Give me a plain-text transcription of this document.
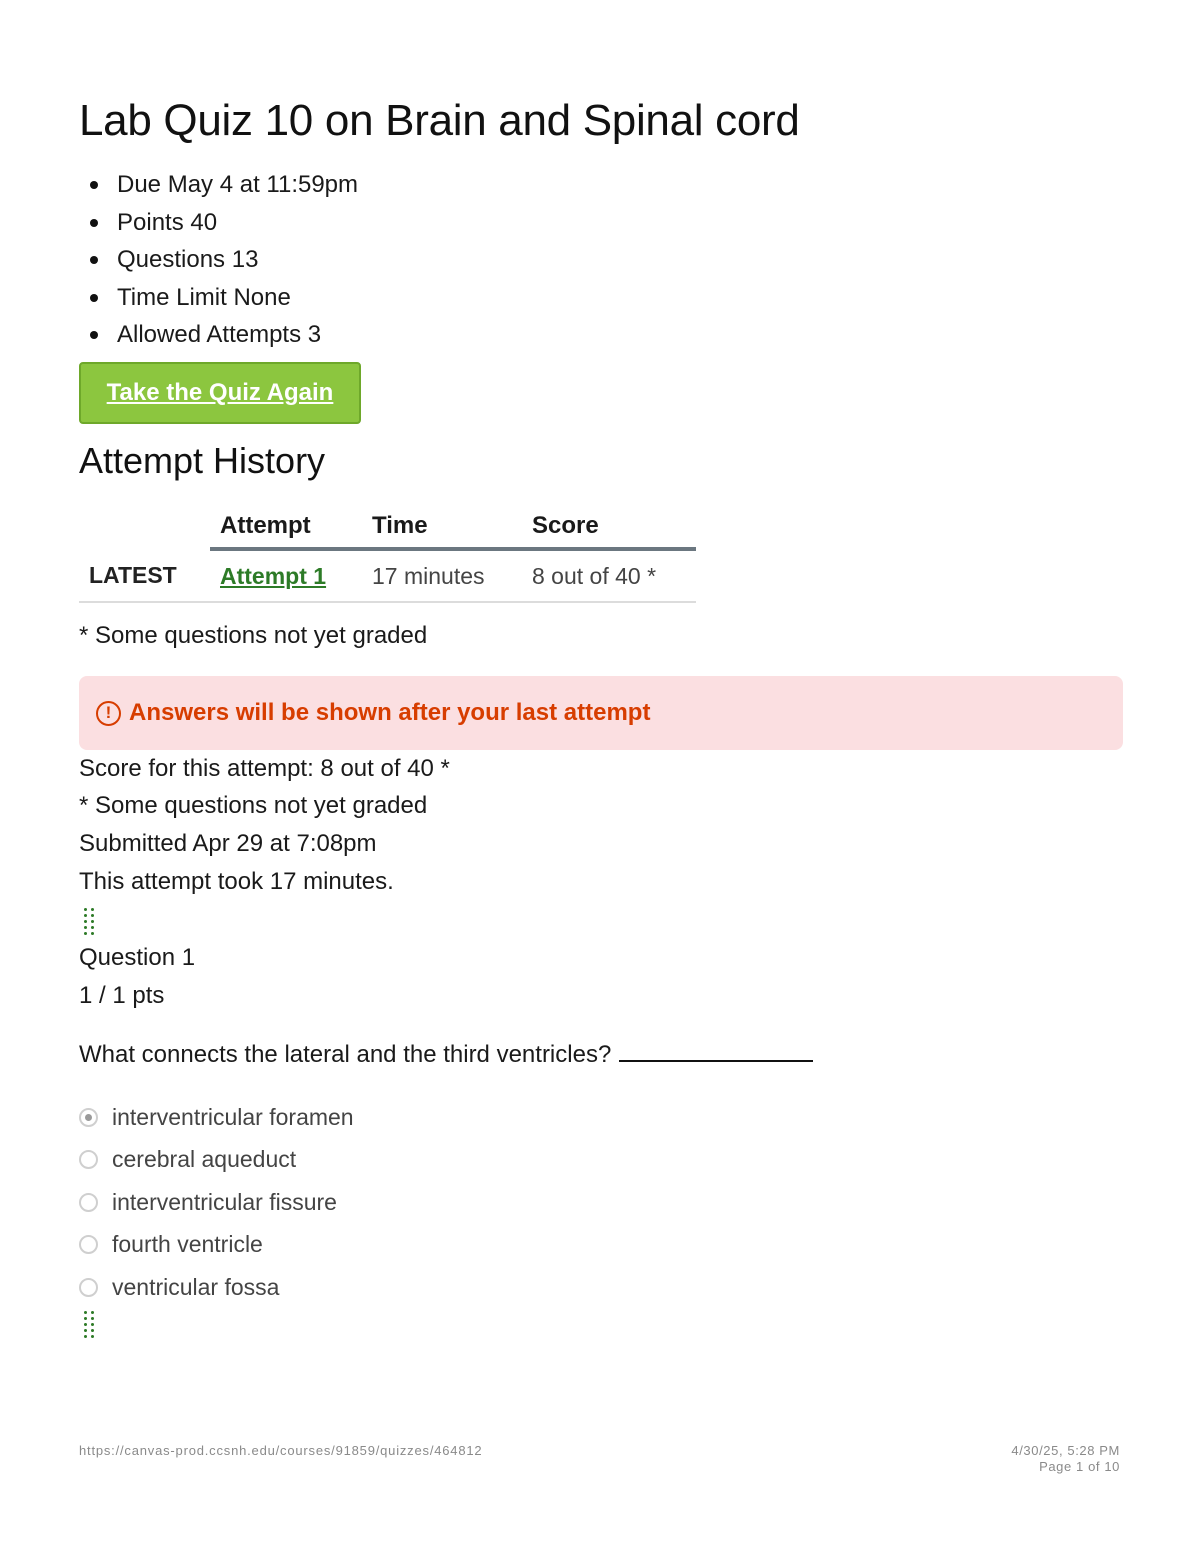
Lab Quiz 10 on Brain and Spinal cord
Due May 4 at 11:59pm
Points 40
Questions 13
Time Limit None
Allowed Attempts 3
Take the Quiz Again
Attempt History
	Attempt	Time	Score
LATEST	Attempt 1	17 minutes	8 out of 40 *

* Some questions not yet graded

! Answers will be shown after your last attempt

Score for this attempt: 8 out of 40 *

* Some questions not yet graded

Submitted Apr 29 at 7:08pm

This attempt took 17 minutes.

Question 1

1 / 1 pts

What connects the lateral and the third ventricles?
interventricular foramen
cerebral aqueduct
interventricular fissure
fourth ventricle
ventricular fossa
https://canvas-prod.ccsnh.edu/courses/91859/quizzes/464812	4/30/25, 5:28 PM
Page 1 of 10
